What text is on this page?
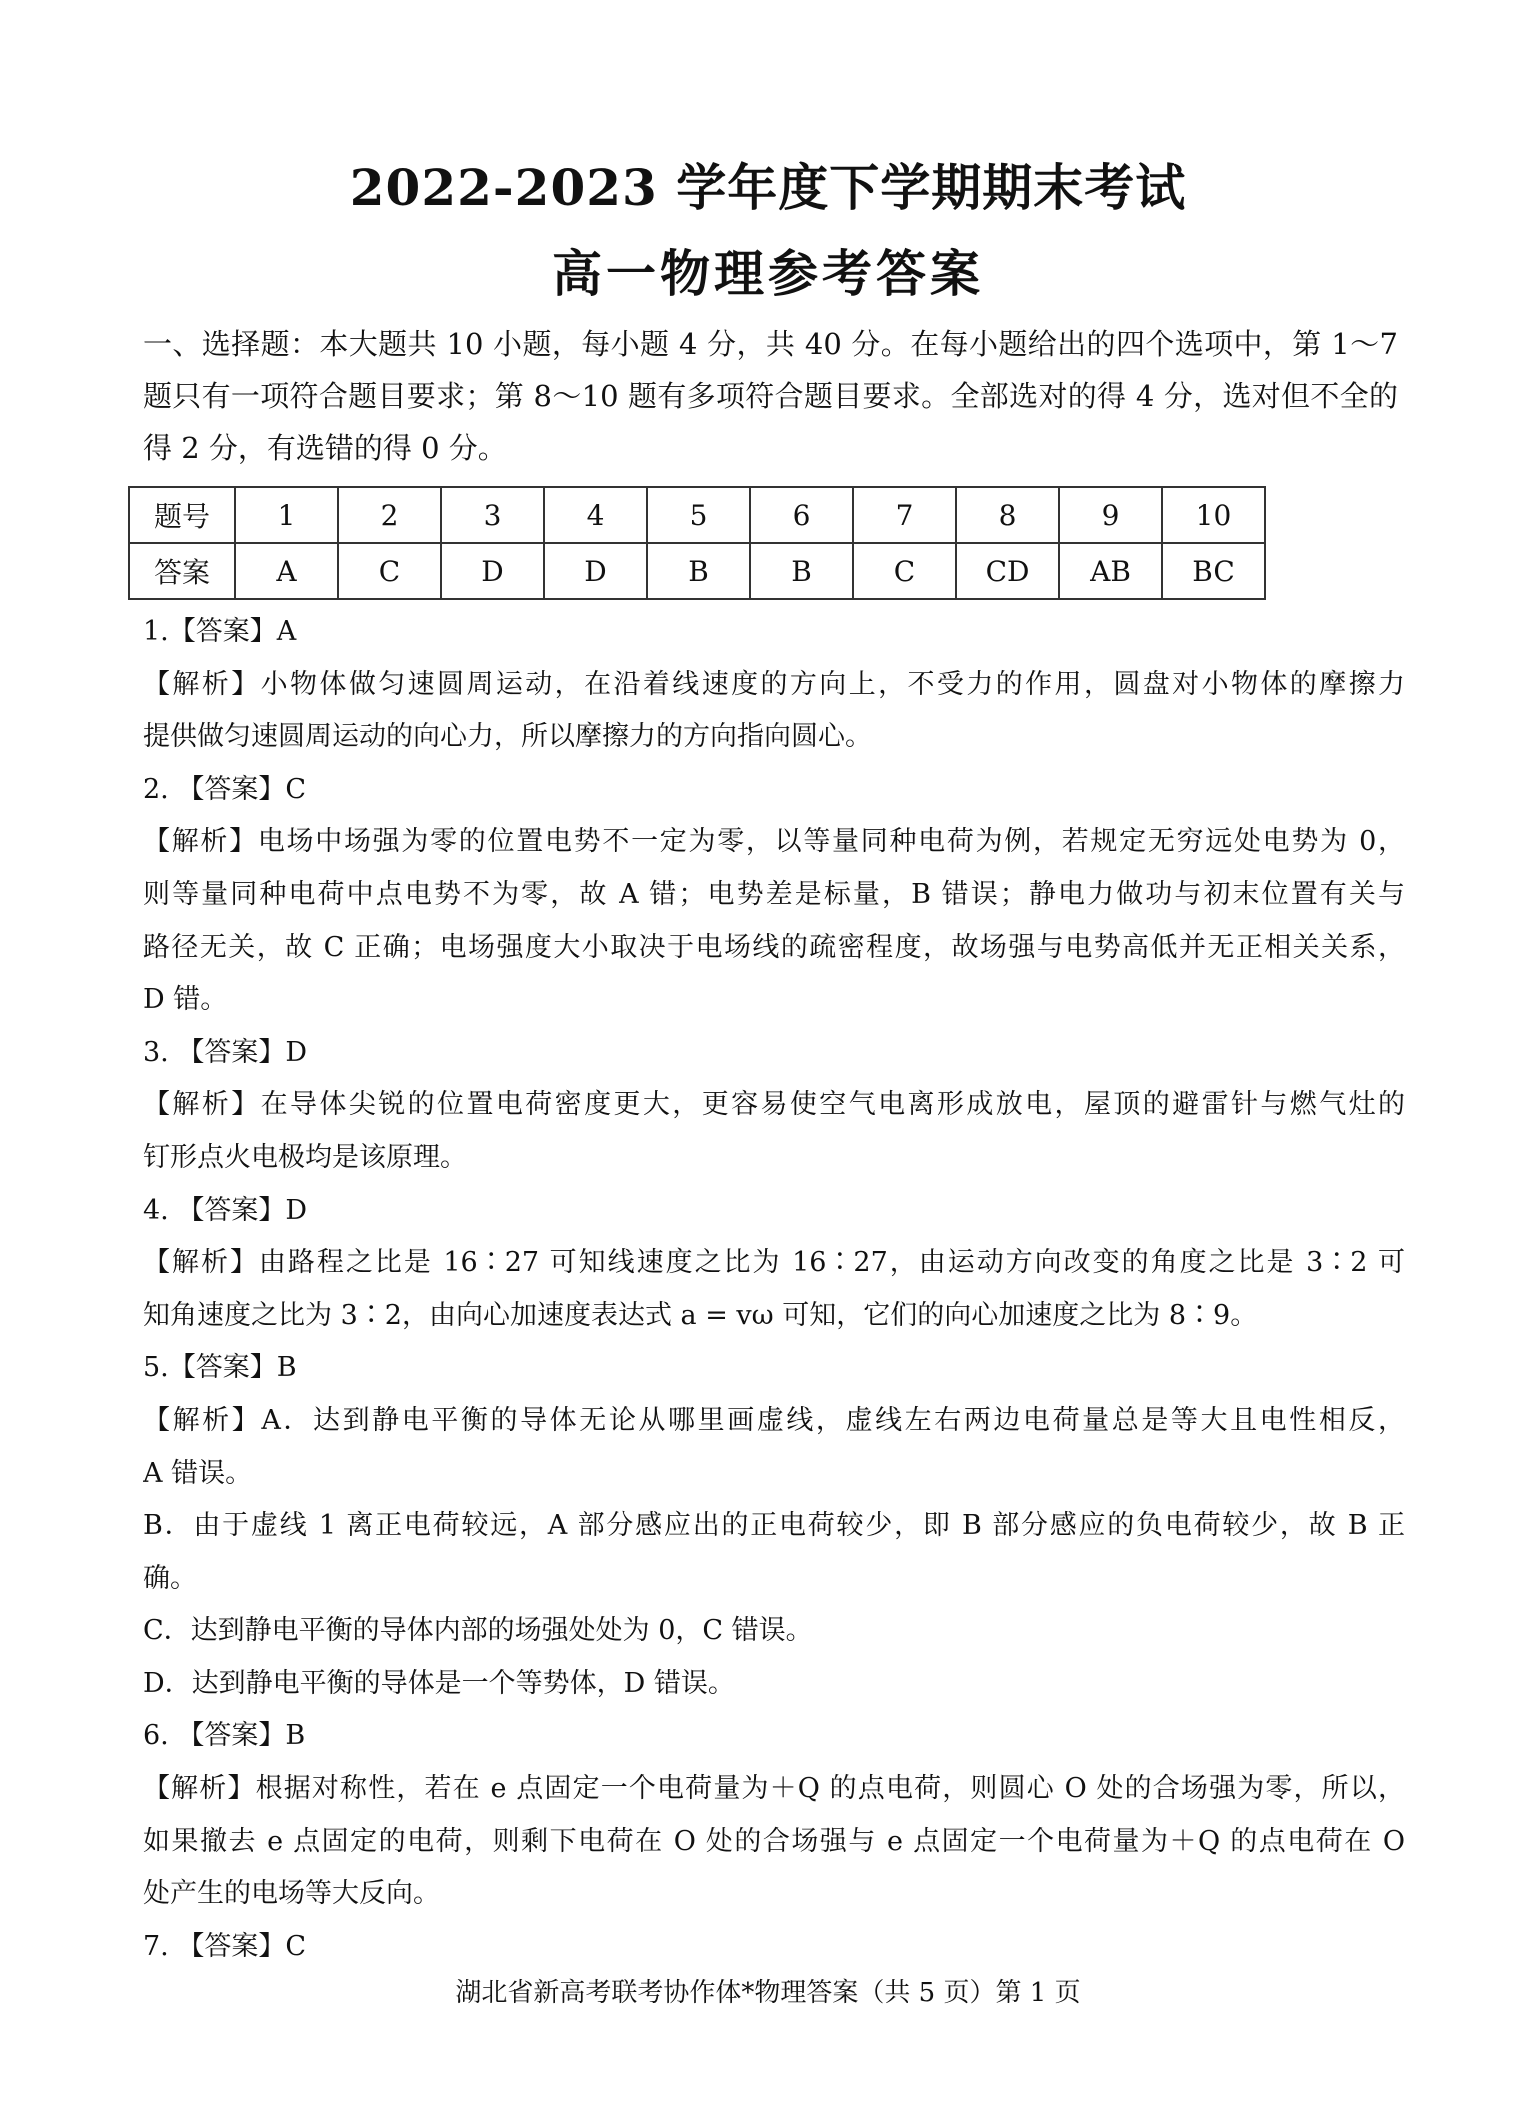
2022-2023 学年度下学期期末考试
高一物理参考答案
一、选择题：本大题共 10 小题，每小题 4 分，共 40 分。在每小题给出的四个选项中，第 1～7 题只有一项符合题目要求；第 8～10 题有多项符合题目要求。全部选对的得 4 分，选对但不全的得 2 分，有选错的得 0 分。
题号	1	2	3	4	5	6	7	8	9	10
答案	A	C	D	D	B	B	C	CD	AB	BC
1.【答案】A
【解析】小物体做匀速圆周运动，在沿着线速度的方向上，不受力的作用，圆盘对小物体的摩擦力
提供做匀速圆周运动的向心力，所以摩擦力的方向指向圆心。
2. 【答案】C
【解析】电场中场强为零的位置电势不一定为零，以等量同种电荷为例，若规定无穷远处电势为 0，
则等量同种电荷中点电势不为零，故 A 错；电势差是标量，B 错误；静电力做功与初末位置有关与
路径无关，故 C 正确；电场强度大小取决于电场线的疏密程度，故场强与电势高低并无正相关关系，
D 错。
3. 【答案】D
【解析】在导体尖锐的位置电荷密度更大，更容易使空气电离形成放电，屋顶的避雷针与燃气灶的
钉形点火电极均是该原理。
4. 【答案】D
【解析】由路程之比是 16∶27 可知线速度之比为 16∶27，由运动方向改变的角度之比是 3∶2 可
知角速度之比为 3∶2，由向心加速度表达式 a = vω 可知，它们的向心加速度之比为 8∶9。
5.【答案】B
【解析】A．达到静电平衡的导体无论从哪里画虚线，虚线左右两边电荷量总是等大且电性相反，
A 错误。
B．由于虚线 1 离正电荷较远，A 部分感应出的正电荷较少，即 B 部分感应的负电荷较少，故 B 正
确。
C．达到静电平衡的导体内部的场强处处为 0，C 错误。
D．达到静电平衡的导体是一个等势体，D 错误。
6. 【答案】B
【解析】根据对称性，若在 e 点固定一个电荷量为＋Q 的点电荷，则圆心 O 处的合场强为零，所以，
如果撤去 e 点固定的电荷，则剩下电荷在 O 处的合场强与 e 点固定一个电荷量为＋Q 的点电荷在 O
处产生的电场等大反向。
7. 【答案】C
湖北省新高考联考协作体*物理答案（共 5 页）第 1 页
